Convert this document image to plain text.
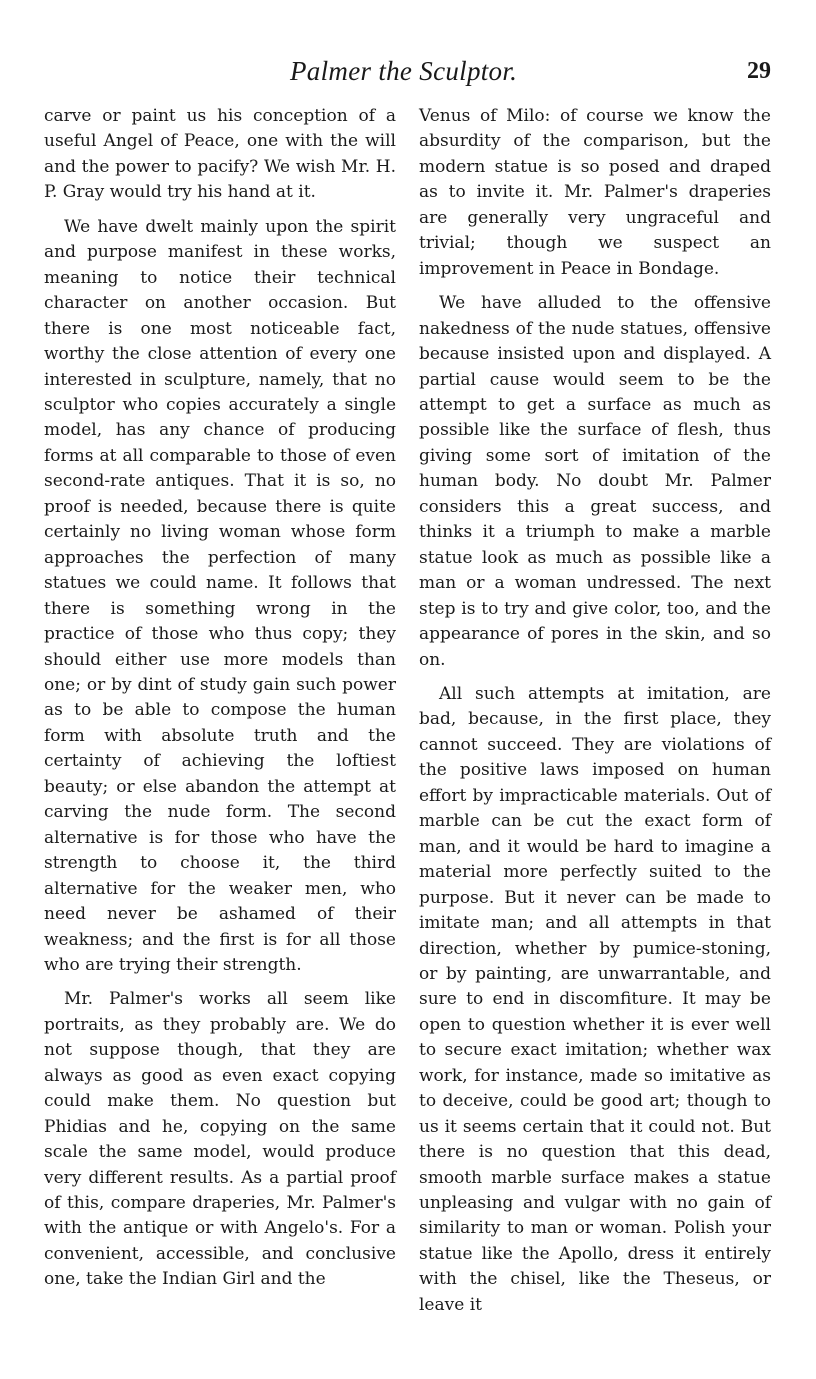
Palmer the Sculptor.	29

carve or paint us his conception of a useful Angel of Peace, one with the will and the power to pacify? We wish Mr. H. P. Gray would try his hand at it.

We have dwelt mainly upon the spirit and purpose manifest in these works, meaning to notice their technical character on another occasion. But there is one most noticeable fact, worthy the close attention of every one interested in sculpture, namely, that no sculptor who copies accurately a single model, has any chance of producing forms at all comparable to those of even second-rate antiques. That it is so, no proof is needed, because there is quite certainly no living woman whose form approaches the perfection of many statues we could name. It follows that there is something wrong in the practice of those who thus copy; they should either use more models than one; or by dint of study gain such power as to be able to compose the human form with absolute truth and the certainty of achieving the loftiest beauty; or else abandon the attempt at carving the nude form. The second alternative is for those who have the strength to choose it, the third alternative for the weaker men, who need never be ashamed of their weakness; and the first is for all those who are trying their strength.

Mr. Palmer's works all seem like portraits, as they probably are. We do not suppose though, that they are always as good as even exact copying could make them. No question but Phidias and he, copying on the same scale the same model, would produce very different results. As a partial proof of this, compare draperies, Mr. Palmer's with the antique or with Angelo's. For a convenient, accessible, and conclusive one, take the Indian Girl and the

Venus of Milo: of course we know the absurdity of the comparison, but the modern statue is so posed and draped as to invite it. Mr. Palmer's draperies are generally very ungraceful and trivial; though we suspect an improvement in Peace in Bondage.

We have alluded to the offensive nakedness of the nude statues, offensive because insisted upon and displayed. A partial cause would seem to be the attempt to get a surface as much as possible like the surface of flesh, thus giving some sort of imitation of the human body. No doubt Mr. Palmer considers this a great success, and thinks it a triumph to make a marble statue look as much as possible like a man or a woman undressed. The next step is to try and give color, too, and the appearance of pores in the skin, and so on.

All such attempts at imitation, are bad, because, in the first place, they cannot succeed. They are violations of the positive laws imposed on human effort by impracticable materials. Out of marble can be cut the exact form of man, and it would be hard to imagine a material more perfectly suited to the purpose. But it never can be made to imitate man; and all attempts in that direction, whether by pumice-stoning, or by painting, are unwarrantable, and sure to end in discomfiture. It may be open to question whether it is ever well to secure exact imitation; whether wax work, for instance, made so imitative as to deceive, could be good art; though to us it seems certain that it could not. But there is no question that this dead, smooth marble surface makes a statue unpleasing and vulgar with no gain of similarity to man or woman. Polish your statue like the Apollo, dress it entirely with the chisel, like the Theseus, or leave it
